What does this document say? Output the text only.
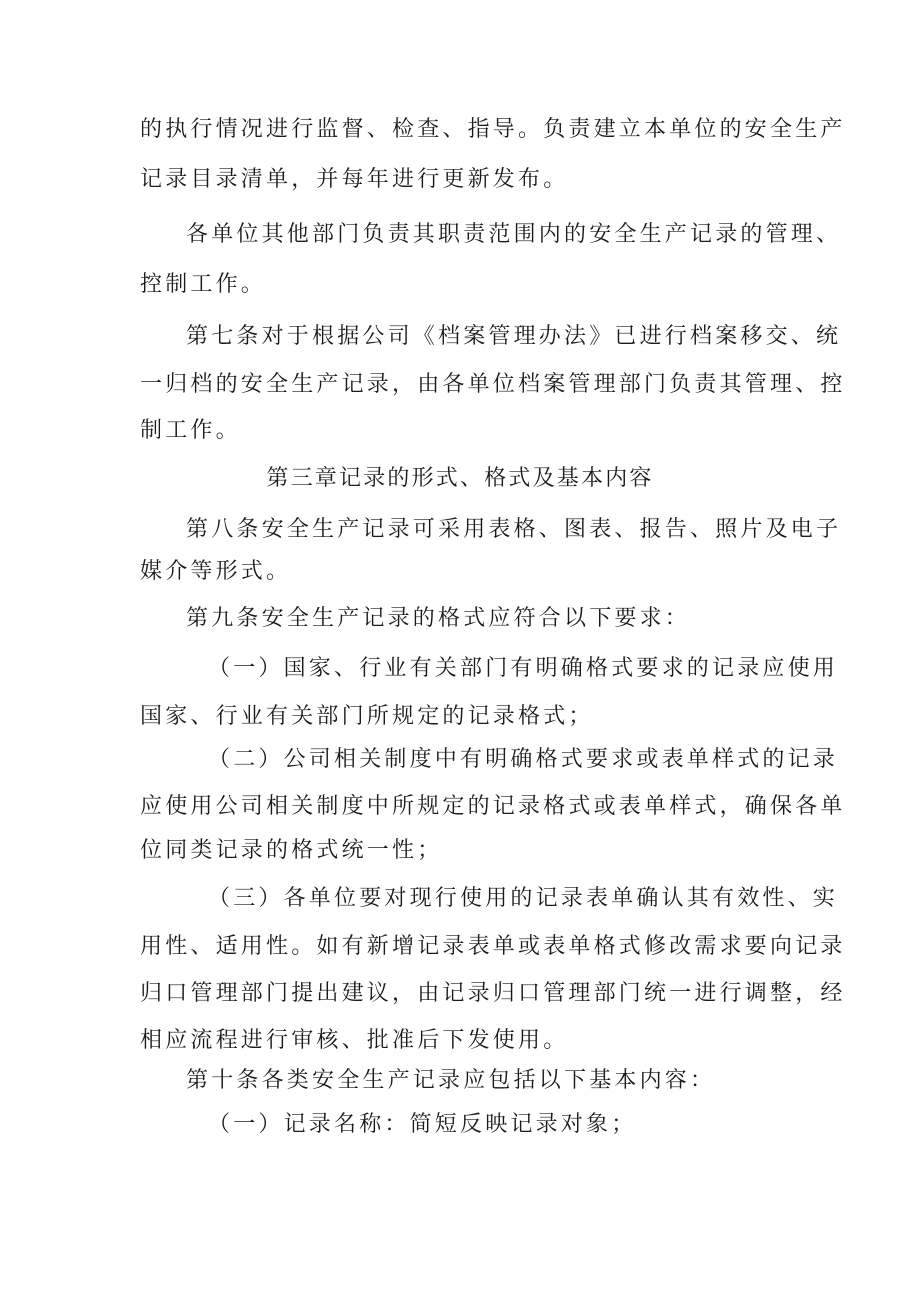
的执行情况进行监督、检查、指导。负责建立本单位的安全生产
记录目录清单，并每年进行更新发布。
各单位其他部门负责其职责范围内的安全生产记录的管理、
控制工作。
第七条对于根据公司《档案管理办法》已进行档案移交、统
一归档的安全生产记录，由各单位档案管理部门负责其管理、控
制工作。
第三章记录的形式、格式及基本内容
第八条安全生产记录可采用表格、图表、报告、照片及电子
媒介等形式。
第九条安全生产记录的格式应符合以下要求：
（一）国家、行业有关部门有明确格式要求的记录应使用
国家、行业有关部门所规定的记录格式；
（二）公司相关制度中有明确格式要求或表单样式的记录
应使用公司相关制度中所规定的记录格式或表单样式，确保各单
位同类记录的格式统一性；
（三）各单位要对现行使用的记录表单确认其有效性、实
用性、适用性。如有新增记录表单或表单格式修改需求要向记录
归口管理部门提出建议，由记录归口管理部门统一进行调整，经
相应流程进行审核、批准后下发使用。
第十条各类安全生产记录应包括以下基本内容：
（一）记录名称：简短反映记录对象；
